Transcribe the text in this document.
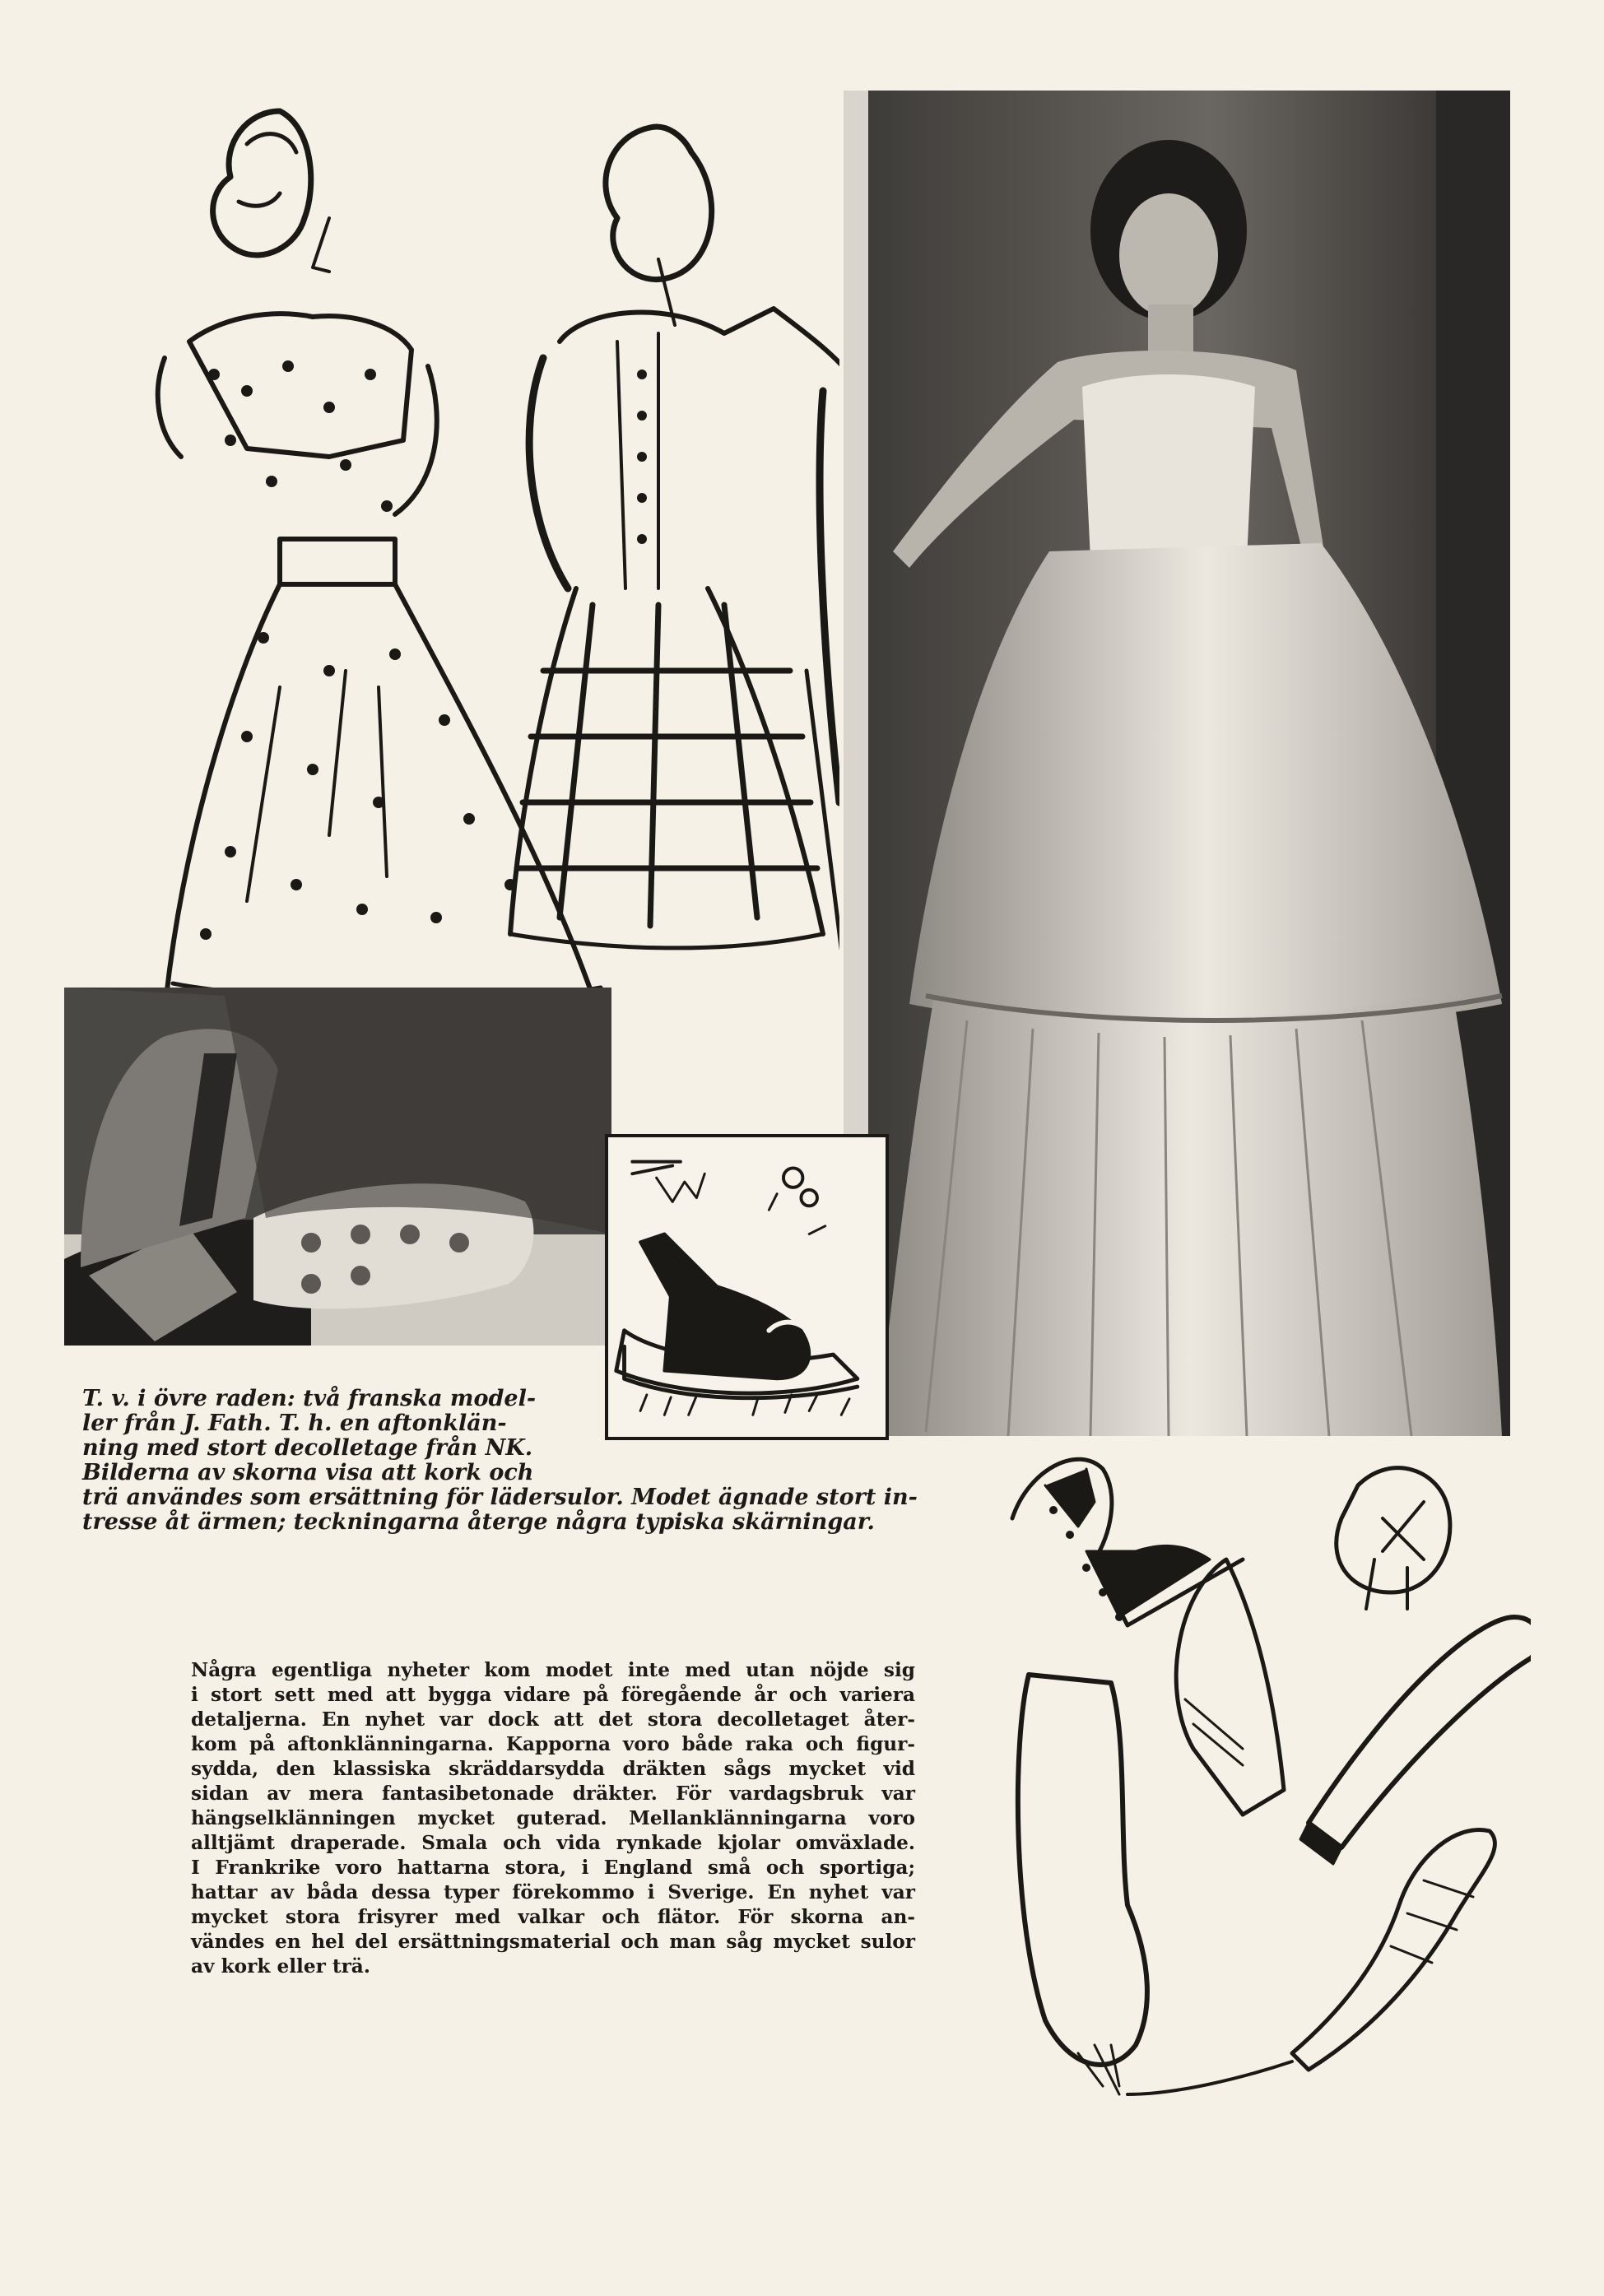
T. v. i övre raden: två franska model-
ler från J. Fath. T. h. en aftonklän-
ning med stort decolletage från NK.
Bilderna av skorna visa att kork och

trä användes som ersättning för lädersulor. Modet ägnade stort in-
tresse åt ärmen; teckningarna återge några typiska skärningar.

Några egentliga nyheter kom modet inte med utan nöjde sig
i stort sett med att bygga vidare på föregående år och variera
detaljerna. En nyhet var dock att det stora decolletaget åter-
kom på aftonklänningarna. Kapporna voro både raka och figur-
sydda, den klassiska skräddarsydda dräkten sågs mycket vid
sidan av mera fantasibetonade dräkter. För vardagsbruk var
hängselklänningen mycket guterad. Mellanklänningarna voro
alltjämt draperade. Smala och vida rynkade kjolar omväxlade.
I Frankrike voro hattarna stora, i England små och sportiga;
hattar av båda dessa typer förekommo i Sverige. En nyhet var
mycket stora frisyrer med valkar och flätor. För skorna an-
vändes en hel del ersättningsmaterial och man såg mycket sulor
av kork eller trä.
